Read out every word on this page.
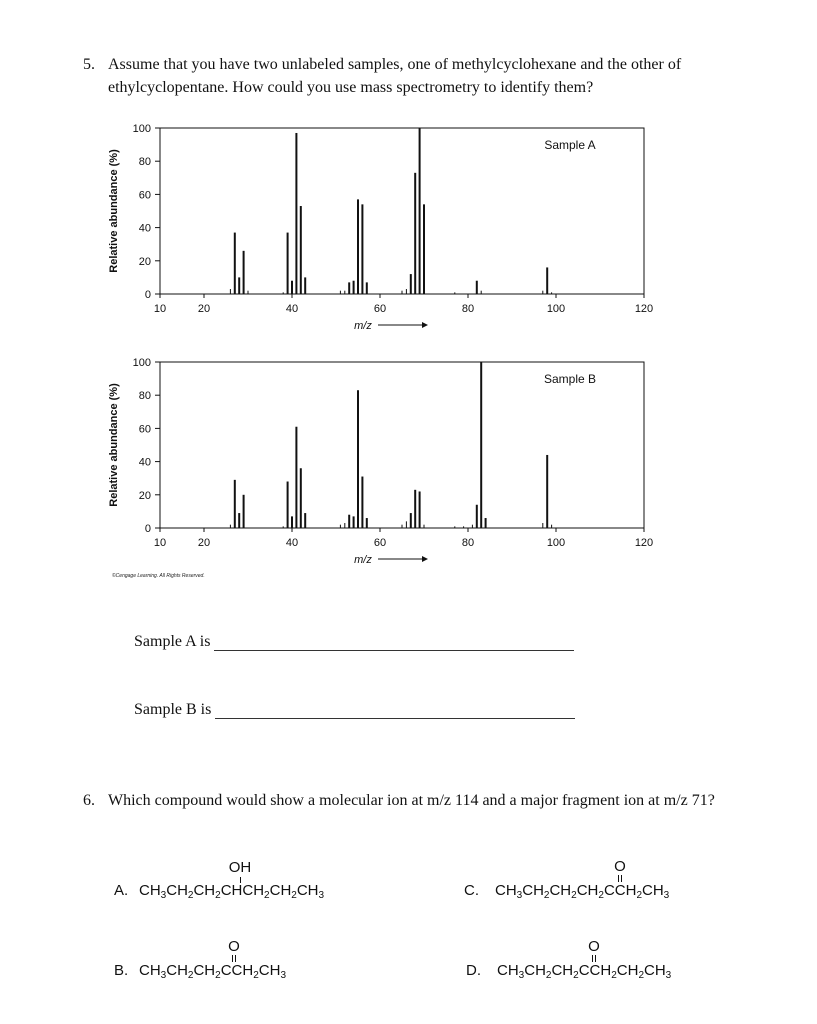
5. Assume that you have two unlabeled samples, one of methylcyclohexane and the other of ethylcyclopentane. How could you use mass spectrometry to identify them?
0
20
40
60
80
100
10	20	40	60	80	100	120
Sample A
Relative abundance (%)
m/z
0
20
40
60
80
100
10	20	40	60	80	100	120
Sample B
Relative abundance (%)
m/z
©Cengage Learning. All Rights Reserved.
Sample A is
Sample B is
6. Which compound would show a molecular ion at m/z 114 and a major fragment ion at m/z 71?
A.
OH
$CH_3CH_2CH_2CHCH_2CH_2CH_3$
B.
O
$CH_3CH_2CH_2CCH_2CH_3$
C.
O
$CH_3CH_2CH_2CH_2CCH_2CH_3$
D.
O
$CH_3CH_2CH_2CCH_2CH_2CH_3$
